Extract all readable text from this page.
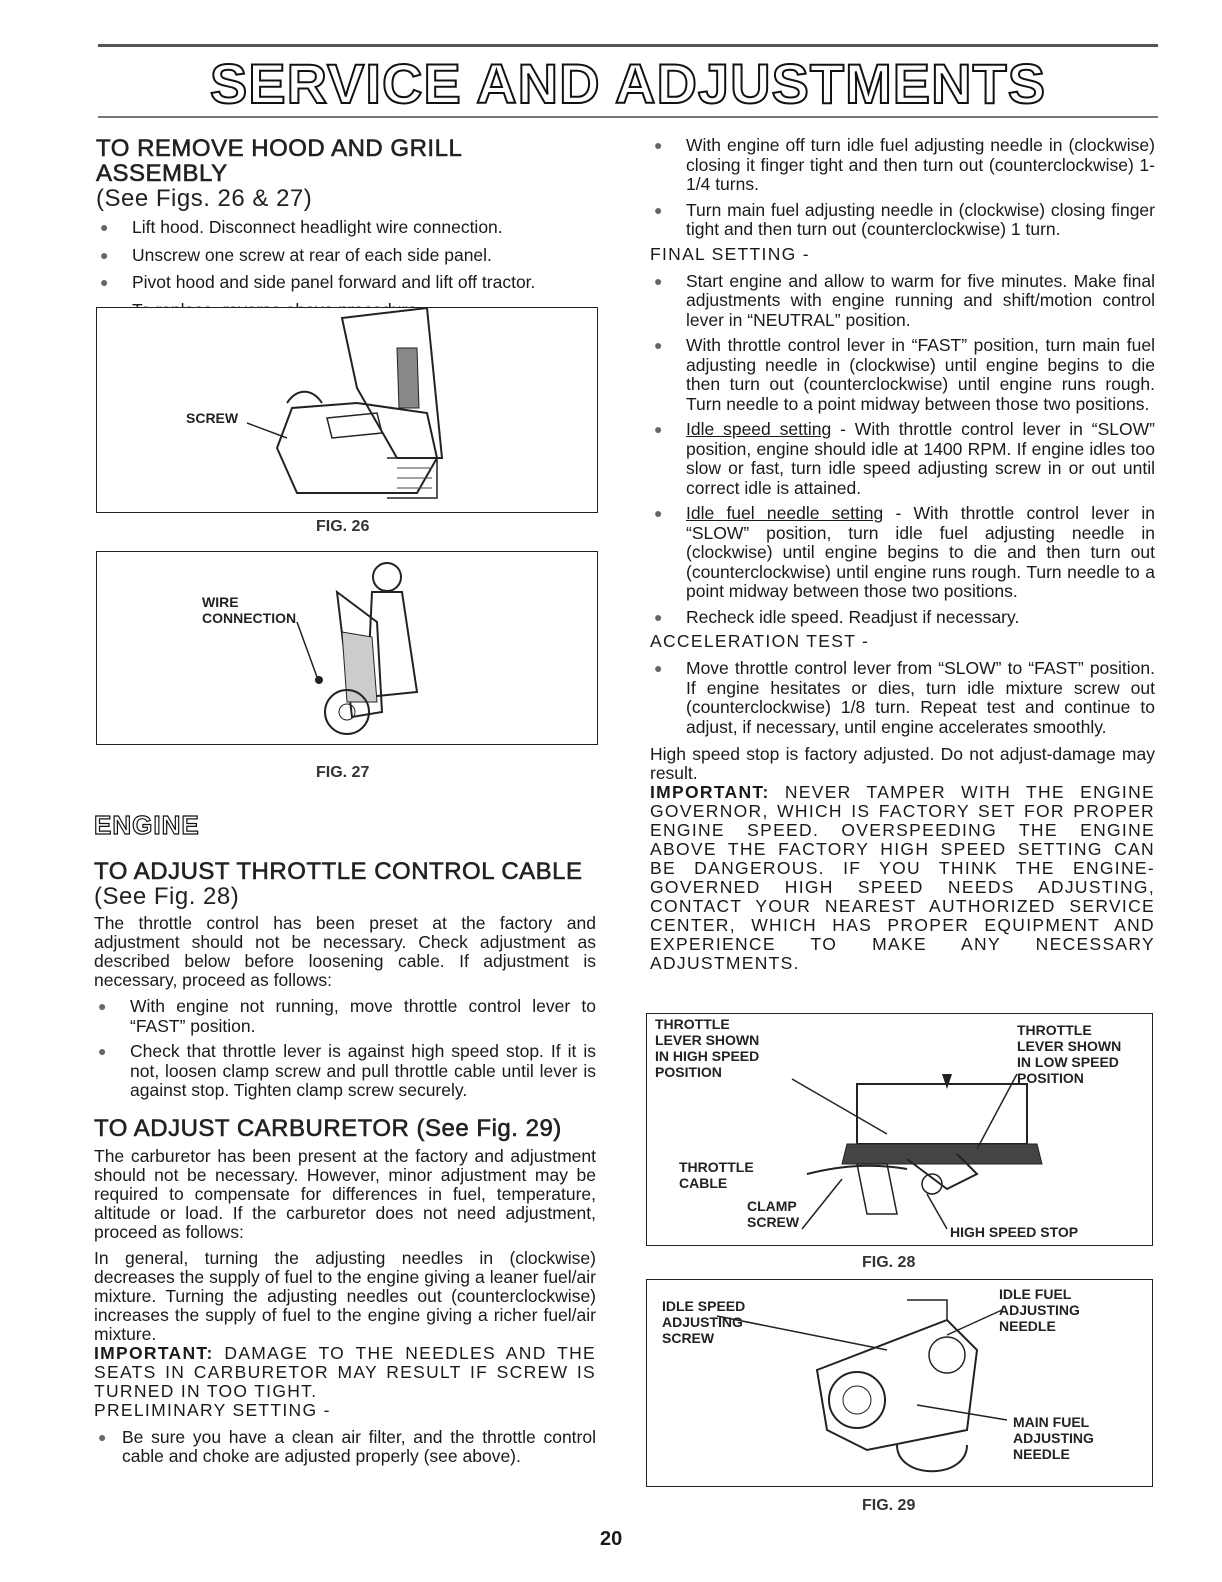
SERVICE AND ADJUSTMENTS
TO REMOVE HOOD AND GRILL ASSEMBLY
(See Figs. 26 & 27)
● Lift hood. Disconnect headlight wire connection.
● Unscrew one screw at rear of each side panel.
● Pivot hood and side panel forward and lift off tractor.
SCREW
FIG. 26
WIRE
CONNECTION
FIG. 27
ENGINE
TO ADJUST THROTTLE CONTROL CABLE
(See Fig. 28)

The throttle control has been preset at the factory and adjustment should not be necessary. Check adjustment as described below before loosening cable. If adjustment is necessary, proceed as follows:

● With engine not running, move throttle control lever to “FAST” position.
● Check that throttle lever is against high speed stop. If it is not, loosen clamp screw and pull throttle cable until lever is against stop. Tighten clamp screw securely.
TO ADJUST CARBURETOR (See Fig. 29)

The carburetor has been present at the factory and adjustment should not be necessary. However, minor adjustment may be required to compensate for differences in fuel, temperature, altitude or load. If the carburetor does not need adjustment, proceed as follows:

In general, turning the adjusting needles in (clockwise) decreases the supply of fuel to the engine giving a leaner fuel/air mixture. Turning the adjusting needles out (counterclockwise) increases the supply of fuel to the engine giving a richer fuel/air mixture.

IMPORTANT: DAMAGE TO THE NEEDLES AND THE SEATS IN CARBURETOR MAY RESULT IF SCREW IS TURNED IN TOO TIGHT.

PRELIMINARY SETTING -

● Be sure you have a clean air filter, and the throttle control cable and choke are adjusted properly (see above).
● With engine off turn idle fuel adjusting needle in (clockwise) closing it finger tight and then turn out (counterclockwise) 1-1/4 turns.
● Turn main fuel adjusting needle in (clockwise) closing finger tight and then turn out (counterclockwise) 1 turn.

FINAL SETTING -

● Start engine and allow to warm for five minutes. Make final adjustments with engine running and shift/motion control lever in “NEUTRAL” position.
● With throttle control lever in “FAST” position, turn main fuel adjusting needle in (clockwise) until engine begins to die then turn out (counterclockwise) until engine runs rough. Turn needle to a point midway between those two positions.
● Idle speed setting - With throttle control lever in “SLOW” position, engine should idle at 1400 RPM. If engine idles too slow or fast, turn idle speed adjusting screw in or out until correct idle is attained.
● Idle fuel needle setting - With throttle control lever in “SLOW” position, turn idle fuel adjusting needle in (clockwise) until engine begins to die and then turn out (counterclockwise) until engine runs rough. Turn needle to a point midway between those two positions.
● Recheck idle speed. Readjust if necessary.

ACCELERATION TEST -

● Move throttle control lever from “SLOW” to “FAST” position. If engine hesitates or dies, turn idle mixture screw out (counterclockwise) 1/8 turn. Repeat test and continue to adjust, if necessary, until engine accelerates smoothly.

High speed stop is factory adjusted. Do not adjust-damage may result.

IMPORTANT: NEVER TAMPER WITH THE ENGINE GOVERNOR, WHICH IS FACTORY SET FOR PROPER ENGINE SPEED. OVERSPEEDING THE ENGINE ABOVE THE FACTORY HIGH SPEED SETTING CAN BE DANGEROUS. IF YOU THINK THE ENGINE-GOVERNED HIGH SPEED NEEDS ADJUSTING, CONTACT YOUR NEAREST AUTHORIZED SERVICE CENTER, WHICH HAS PROPER EQUIPMENT AND EXPERIENCE TO MAKE ANY NECESSARY ADJUSTMENTS.

THROTTLE
LEVER SHOWN
IN HIGH SPEED
POSITION
THROTTLE
LEVER SHOWN
IN LOW SPEED
POSITION
THROTTLE
CABLE
CLAMP
SCREW
HIGH SPEED STOP
FIG. 28
IDLE SPEED
ADJUSTING
SCREW
IDLE FUEL
ADJUSTING
NEEDLE
MAIN FUEL
ADJUSTING
NEEDLE
FIG. 29
20
